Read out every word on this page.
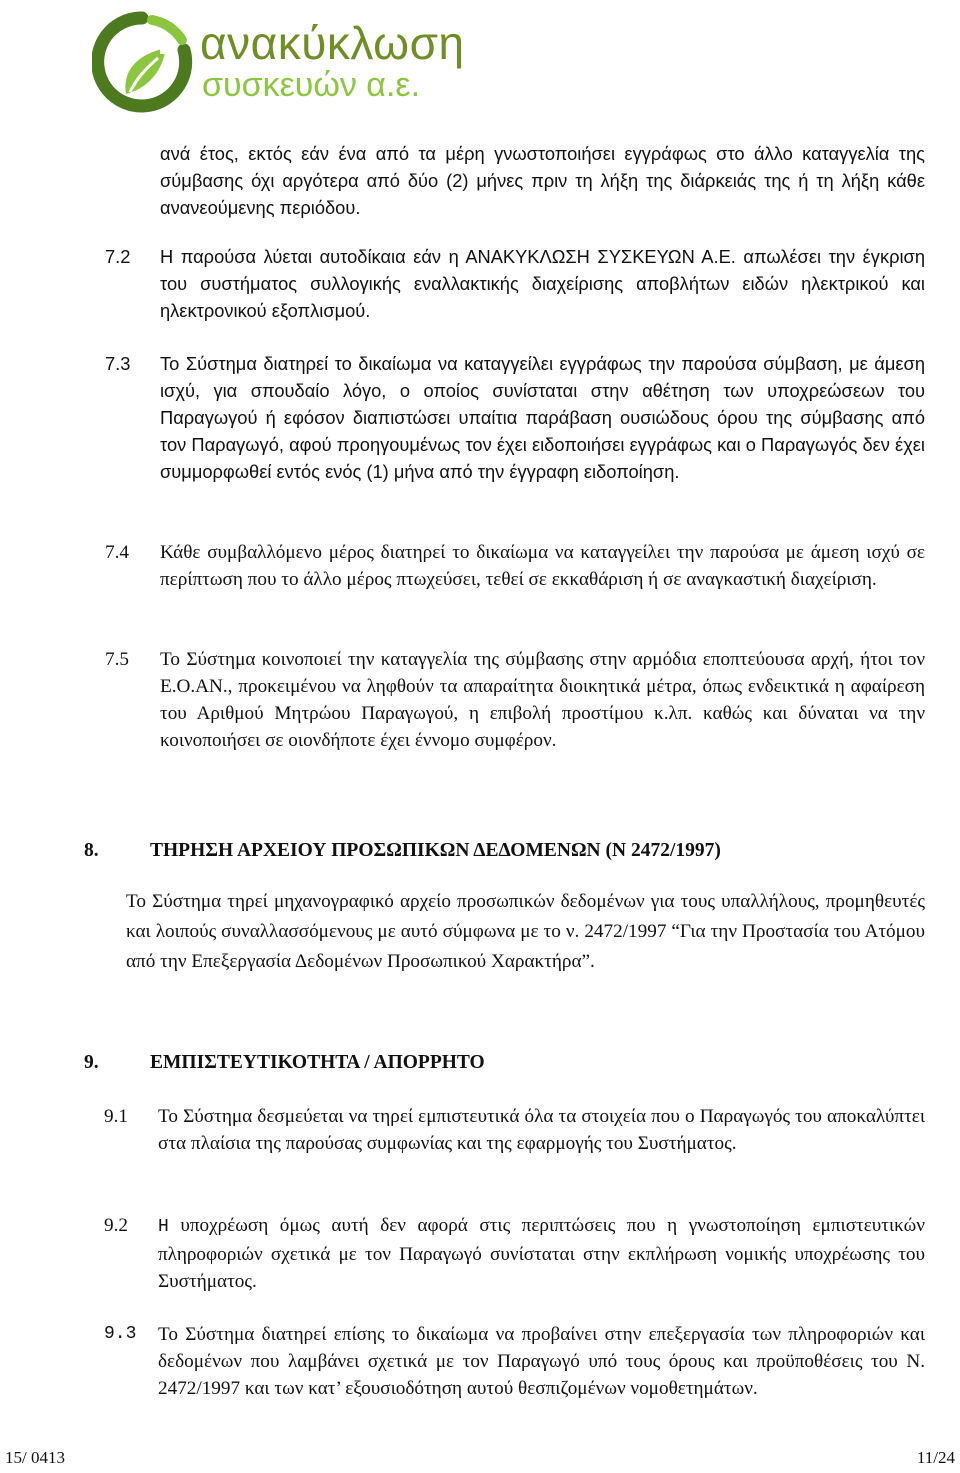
ανακύκλωση
συσκευών α.ε.
ανά έτος, εκτός εάν ένα από τα μέρη γνωστοποιήσει εγγράφως στο άλλο καταγγελία της σύμβασης όχι αργότερα από δύο (2) μήνες πριν τη λήξη της διάρκειάς της ή τη λήξη κάθε ανανεούμενης περιόδου.
7.2 Η παρούσα λύεται αυτοδίκαια εάν η ΑΝΑΚΥΚΛΩΣΗ ΣΥΣΚΕΥΩΝ Α.Ε. απωλέσει την έγκριση του συστήματος συλλογικής εναλλακτικής διαχείρισης αποβλήτων ειδών ηλεκτρικού και ηλεκτρονικού εξοπλισμού.
7.3 Το Σύστημα διατηρεί το δικαίωμα να καταγγείλει εγγράφως την παρούσα σύμβαση, με άμεση ισχύ, για σπουδαίο λόγο, ο οποίος συνίσταται στην αθέτηση των υποχρεώσεων του Παραγωγού ή εφόσον διαπιστώσει υπαίτια παράβαση ουσιώδους όρου της σύμβασης από τον Παραγωγό, αφού προηγουμένως τον έχει ειδοποιήσει εγγράφως και ο Παραγωγός δεν έχει συμμορφωθεί εντός ενός (1) μήνα από την έγγραφη ειδοποίηση.
7.4 Κάθε συμβαλλόμενο μέρος διατηρεί το δικαίωμα να καταγγείλει την παρούσα με άμεση ισχύ σε περίπτωση που το άλλο μέρος πτωχεύσει, τεθεί σε εκκαθάριση ή σε αναγκαστική διαχείριση.
7.5 Το Σύστημα κοινοποιεί την καταγγελία της σύμβασης στην αρμόδια εποπτεύουσα αρχή, ήτοι τον Ε.Ο.ΑΝ., προκειμένου να ληφθούν τα απαραίτητα διοικητικά μέτρα, όπως ενδεικτικά η αφαίρεση του Αριθμού Μητρώου Παραγωγού, η επιβολή προστίμου κ.λπ. καθώς και δύναται να την κοινοποιήσει σε οιονδήποτε έχει έννομο συμφέρον.
8.	ΤΗΡΗΣΗ ΑΡΧΕΙΟΥ ΠΡΟΣΩΠΙΚΩΝ ΔΕΔΟΜΕΝΩΝ (Ν 2472/1997)
Το Σύστημα τηρεί μηχανογραφικό αρχείο προσωπικών δεδομένων για τους υπαλλήλους, προμηθευτές και λοιπούς συναλλασσόμενους με αυτό σύμφωνα με το ν. 2472/1997 “Για την Προστασία του Ατόμου από την Επεξεργασία Δεδομένων Προσωπικού Χαρακτήρα”.
9.	ΕΜΠΙΣΤΕΥΤΙΚΟΤΗΤΑ / ΑΠΟΡΡΗΤΟ
9.1 Το Σύστημα δεσμεύεται να τηρεί εμπιστευτικά όλα τα στοιχεία που ο Παραγωγός του αποκαλύπτει στα πλαίσια της παρούσας συμφωνίας και της εφαρμογής του Συστήματος.
9.2 Η υποχρέωση όμως αυτή δεν αφορά στις περιπτώσεις που η γνωστοποίηση εμπιστευτικών πληροφοριών σχετικά με τον Παραγωγό συνίσταται στην εκπλήρωση νομικής υποχρέωσης του Συστήματος.
9.3 Το Σύστημα διατηρεί επίσης το δικαίωμα να προβαίνει στην επεξεργασία των πληροφοριών και δεδομένων που λαμβάνει σχετικά με τον Παραγωγό υπό τους όρους και προϋποθέσεις του Ν. 2472/1997 και των κατ’ εξουσιοδότηση αυτού θεσπιζομένων νομοθετημάτων.
15/ 0413	11/24
